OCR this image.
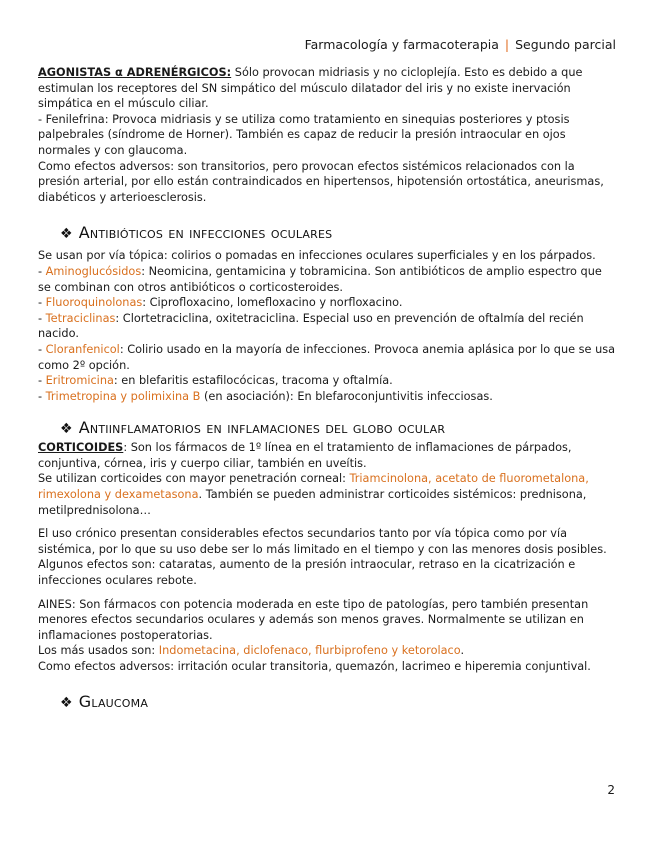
Farmacología y farmacoterapia | Segundo parcial

AGONISTAS α ADRENÉRGICOS: Sólo provocan midriasis y no cicloplejía. Esto es debido a que estimulan los receptores del SN simpático del músculo dilatador del iris y no existe inervación simpática en el músculo ciliar.

- Fenilefrina: Provoca midriasis y se utiliza como tratamiento en sinequias posteriores y ptosis palpebrales (síndrome de Horner). También es capaz de reducir la presión intraocular en ojos normales y con glaucoma.

Como efectos adversos: son transitorios, pero provocan efectos sistémicos relacionados con la presión arterial, por ello están contraindicados en hipertensos, hipotensión ortostática, aneurismas, diabéticos y arterioesclerosis.

❖ Antibióticos en infecciones oculares

Se usan por vía tópica: colirios o pomadas en infecciones oculares superficiales y en los párpados.

- Aminoglucósidos: Neomicina, gentamicina y tobramicina. Son antibióticos de amplio espectro que se combinan con otros antibióticos o corticosteroides.

- Fluoroquinolonas: Ciprofloxacino, lomefloxacino y norfloxacino.

- Tetraciclinas: Clortetraciclina, oxitetraciclina. Especial uso en prevención de oftalmía del recién nacido.

- Cloranfenicol: Colirio usado en la mayoría de infecciones. Provoca anemia aplásica por lo que se usa como 2º opción.

- Eritromicina: en blefaritis estafilocócicas, tracoma y oftalmía.

- Trimetropina y polimixina B (en asociación): En blefaroconjuntivitis infecciosas.

❖ Antiinflamatorios en inflamaciones del globo ocular

CORTICOIDES: Son los fármacos de 1º línea en el tratamiento de inflamaciones de párpados, conjuntiva, córnea, iris y cuerpo ciliar, también en uveítis.

Se utilizan corticoides con mayor penetración corneal: Triamcinolona, acetato de fluorometalona, rimexolona y dexametasona. También se pueden administrar corticoides sistémicos: prednisona, metilprednisolona…

El uso crónico presentan considerables efectos secundarios tanto por vía tópica como por vía sistémica, por lo que su uso debe ser lo más limitado en el tiempo y con las menores dosis posibles.

Algunos efectos son: cataratas, aumento de la presión intraocular, retraso en la cicatrización e infecciones oculares rebote.

AINES: Son fármacos con potencia moderada en este tipo de patologías, pero también presentan menores efectos secundarios oculares y además son menos graves. Normalmente se utilizan en inflamaciones postoperatorias.

Los más usados son: Indometacina, diclofenaco, flurbiprofeno y ketorolaco.

Como efectos adversos: irritación ocular transitoria, quemazón, lacrimeo e hiperemia conjuntival.

❖ Glaucoma
2
